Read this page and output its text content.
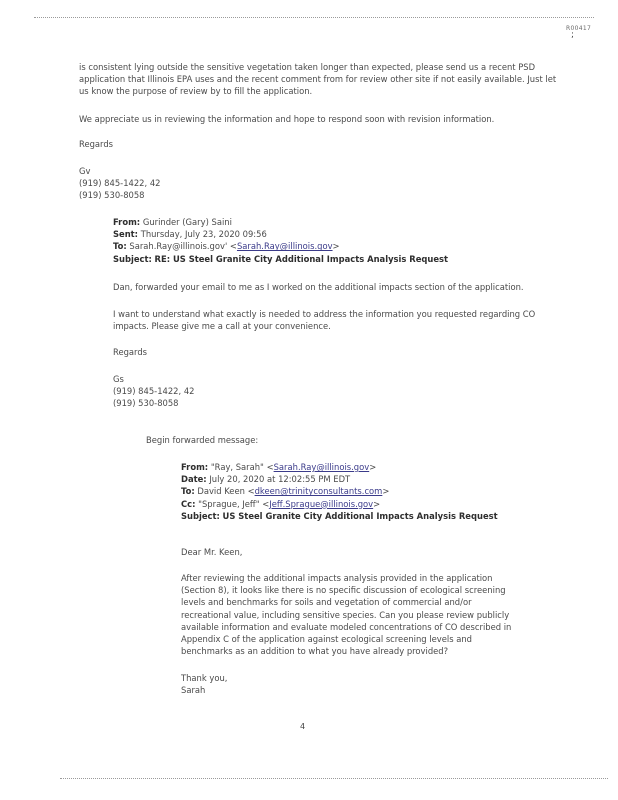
R00417
;
is consistent lying outside the sensitive vegetation taken longer than expected, please send us a recent PSD
application that Illinois EPA uses and the recent comment from for review other site if not easily available. Just let
us know the purpose of review by to fill the application.
We appreciate us in reviewing the information and hope to respond soon with revision information.
Regards
Gv
(919) 845-1422, 42
(919) 530-8058
From: Gurinder (Gary) Saini
Sent: Thursday, July 23, 2020 09:56
To: Sarah.Ray@illinois.gov' <Sarah.Ray@illinois.gov>
Subject: RE: US Steel Granite City Additional Impacts Analysis Request
Dan, forwarded your email to me as I worked on the additional impacts section of the application.
I want to understand what exactly is needed to address the information you requested regarding CO
impacts. Please give me a call at your convenience.
Regards
Gs
(919) 845-1422, 42
(919) 530-8058
Begin forwarded message:
From: "Ray, Sarah" <Sarah.Ray@illinois.gov>
Date: July 20, 2020 at 12:02:55 PM EDT
To: David Keen <dkeen@trinityconsultants.com>
Cc: "Sprague, Jeff" <Jeff.Sprague@illinois.gov>
Subject: US Steel Granite City Additional Impacts Analysis Request
Dear Mr. Keen,
After reviewing the additional impacts analysis provided in the application
(Section 8), it looks like there is no specific discussion of ecological screening
levels and benchmarks for soils and vegetation of commercial and/or
recreational value, including sensitive species. Can you please review publicly
available information and evaluate modeled concentrations of CO described in
Appendix C of the application against ecological screening levels and
benchmarks as an addition to what you have already provided?
Thank you,
Sarah
4
